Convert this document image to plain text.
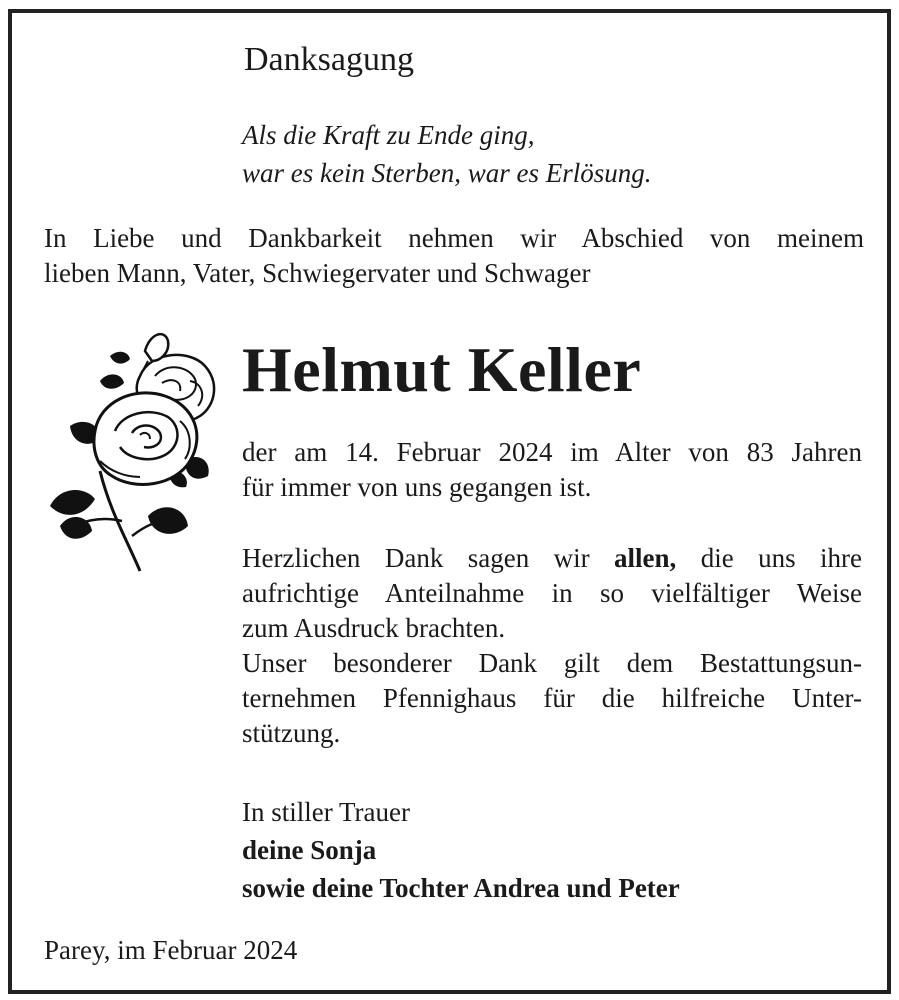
Danksagung
Als die Kraft zu Ende ging,
war es kein Sterben, war es Erlösung.
In Liebe und Dankbarkeit nehmen wir Abschied von meinem
lieben Mann, Vater, Schwiegervater und Schwager
Helmut Keller
der am 14. Februar 2024 im Alter von 83 Jahren
für immer von uns gegangen ist.
Herzlichen Dank sagen wir allen, die uns ihre
aufrichtige Anteilnahme in so vielfältiger Weise
zum Ausdruck brachten.
Unser besonderer Dank gilt dem Bestattungsun-
ternehmen Pfennighaus für die hilfreiche Unter-
stützung.
In stiller Trauer
deine Sonja
sowie deine Tochter Andrea und Peter
Parey, im Februar 2024
